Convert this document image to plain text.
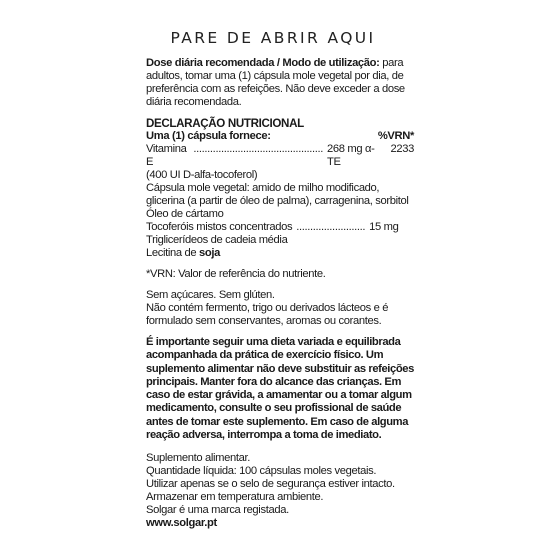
PARE DE ABRIR AQUI

Dose diária recomendada / Modo de utilização: para adultos, tomar uma (1) cápsula mole vegetal por dia, de preferência com as refeições. Não deve exceder a dose diária recomendada.

DECLARAÇÃO NUTRICIONAL
Uma (1) cápsula fornece:	%VRN*
Vitamina E
............................................... 268 mg α-TE
2233
(400 UI D-alfa-tocoferol)

Cápsula mole vegetal: amido de milho modificado, glicerina (a partir de óleo de palma), carragenina, sorbitol

Óleo de cártamo

Tocoferóis mistos concentrados ......................... 15 mg

Triglicerídeos de cadeia média

Lecitina de soja

*VRN: Valor de referência do nutriente.

Sem açúcares. Sem glúten.

Não contém fermento, trigo ou derivados lácteos e é formulado sem conservantes, aromas ou corantes.

É importante seguir uma dieta variada e equilibrada acompanhada da prática de exercício físico. Um suplemento alimentar não deve substituir as refeições principais. Manter fora do alcance das crianças. Em caso de estar grávida, a amamentar ou a tomar algum medicamento, consulte o seu profissional de saúde antes de tomar este suplemento. Em caso de alguma reação adversa, interrompa a toma de imediato.

Suplemento alimentar.

Quantidade líquida: 100 cápsulas moles vegetais.

Utilizar apenas se o selo de segurança estiver intacto.

Armazenar em temperatura ambiente.

Solgar é uma marca registada.

www.solgar.pt
